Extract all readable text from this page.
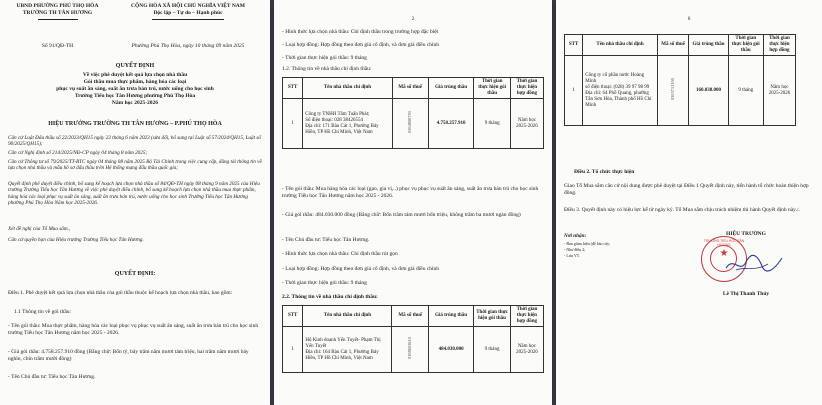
UBND PHƯỜNG PHÚ THỌ HÒA
TRƯỜNG TH TÂN HƯƠNG
Số 91/QĐ-TH
CỘNG HÒA XÃ HỘI CHỦ NGHĨA VIỆT NAM
Độc lập – Tự do – Hạnh phúc
Phường Phú Thọ Hòa, ngày 10 tháng 09 năm 2025
QUYẾT ĐỊNH
Về việc phê duyệt kết quả lựa chọn nhà thầu
Gói thầu mua thực phẩm, hàng hóa các loại
phục vụ suất ăn sáng, suất ăn trưa bán trú, nước uống cho học sinh
Trường Tiểu học Tân Hương phường Phú Thọ Hòa
Năm học 2025-2026
HIỆU TRƯỞNG TRƯỜNG TH TÂN HƯƠNG – P.PHÚ THỌ HÒA
Căn cứ Luật Đấu thầu số 22/2023/QH15 ngày 23 tháng 6 năm 2023 (sửa đổi, bổ sung tại Luật số 57/2024/QH15, Luật số 90/2025/QH15);
Căn cứ Nghị định số 214/2025/NĐ-CP ngày 04 tháng 8 năm 2025;
Căn cứ Thông tư số 79/2025/TT-BTC ngày 04 tháng 08 năm 2025 Bộ Tài Chính trong việc cung cấp, đăng tải thông tin về lựa chọn nhà thầu và mẫu hồ sơ đấu thầu trên Hệ thống mạng đấu thầu quốc gia;
Quyết định phê duyệt điều chỉnh, bổ sung kế hoạch lựa chọn nhà thầu số 84/QĐ-TH ngày 08 tháng 9 năm 2025 của Hiệu trưởng Trường Tiểu học Tân Hương về việc phê duyệt điều chỉnh, bổ sung kế hoạch lựa chọn nhà thầu mua thực phẩm, hàng hóa các loại phục vụ suất ăn sáng, suất ăn trưa bán trú, nước uống cho học sinh Trường Tiểu học Tân Hương phường Phú Thọ Hòa Năm học 2025-2026.
Xét đề nghị của Tổ Mua sắm.,
Căn cứ quyền hạn của Hiệu trưởng Trường Tiểu học Tân Hương.
QUYẾT ĐỊNH:
Điều 1. Phê duyệt kết quả lựa chọn nhà thầu của gói thầu thuộc kế hoạch lựa chọn nhà thầu, bao gồm:
1.1 Thông tin về gói thầu:
- Tên gói thầu: Mua thực phẩm, hàng hóa các loại phục vụ phục vụ suất ăn sáng, suất ăn trưa bán trú cho học sinh trường Tiểu học Tân Hương năm học 2025 - 2026.
- Giá gói thầu: 4.758.257.910 đồng (Bằng chữ: Bốn tỷ, bảy trăm năm mươi tám triệu, hai trăm năm mươi bảy nghìn, chín trăm mười đồng)
- Tên Chủ đầu tư: Tiểu học Tân Hương.
2
- Hình thức lựa chọn nhà thầu: Chỉ định thầu trong trường hợp đặc biệt
- Loại hợp đồng: Hợp đồng theo đơn giá cố định, và đơn giá điều chỉnh
- Thời gian thực hiện gói thầu: 9 tháng
1.2. Thông tin về nhà thầu chỉ định thầu:
STT	Tên nhà thầu chỉ định	Mã số thuế	Giá trúng thầu	Thời gian thực hiện gói thầu	Thời gian thực hiện hợp đồng
1	Công ty TNHH Tâm Tuấn Phát;
Số điện thoại: 028 38426554
Địa chỉ: 171 Bàu Cát 1, Phường Bảy Hiền, TP Hồ Chí Minh, Việt Nam	0304806793	4.758.257.910	9 tháng	Năm học 2025-2026
- Tên gói thầu: Mua hàng hóa các loại (gạo, gia vị,..) phục vụ phục vụ suất ăn sáng, suất ăn trưa bán trú cho học sinh trường Tiểu học Tân Hương năm học 2025 - 2026.
- Giá gói thầu: 484.030.000 đồng (Bằng chữ: Bốn trăm tám mươi bốn triệu, không trăm ba mươi ngàn đồng)
- Tên Chủ đầu tư: Tiểu học Tân Hương.
- Hình thức lựa chọn nhà thầu: Chỉ định thầu rút gọn
- Loại hợp đồng: Hợp đồng theo đơn giá cố định, và đơn giá điều chỉnh
- Thời gian thực hiện gói thầu: 9 tháng
2.2. Thông tin về nhà thầu chỉ định thầu:
STT	Tên nhà thầu chỉ định	Mã số thuế	Giá trúng thầu	Thời gian thực hiện gói thầu	Thời gian thực hiện hợp đồng
1	Hộ Kinh doanh Yến Tuyết- Phạm Thị Yến Tuyết
Địa chỉ: 164 Bàu Cát 1, Phường Bảy Hiền, TP Hồ Chí Minh, Việt Nam	0308603610	484.030.000	9 tháng	Năm học 2025-2026
6
STT	Tên nhà thầu chỉ định	Mã số thuế	Giá trúng thầu	Thời gian thực hiện gói thầu	Thời gian thực hiện hợp đồng
1	Công ty cổ phần nước Hoàng Minh
số điện thoại: (028) 39 97 98 99
Địa chỉ: 64 Phổ Quang, phường Tân Sơn Hòa, Thành phố Hồ Chí Minh	0305713100	160.038.000	9 tháng	Năm học 2025-2026
Điều 2. Tổ chức thực hiện
Giao Tổ Mua sắm căn cứ nội dung được phê duyệt tại Điều 1 Quyết định này, tiến hành tổ chức hoàn thiện hợp đồng.
Điều 3. Quyết định này có hiệu lực kể từ ngày ký. Tổ Mua sắm chịu trách nhiệm thi hành Quyết định này./.
Nơi nhận:
- Ban giám hiệu (để báo cáy;
- Như điều 2;
- Lưu VT.
HIỆU TRƯỞNG
TRƯỜNG TIỂU HỌC TÂN HƯƠNG
★
Lê Thị Thanh Thủy
